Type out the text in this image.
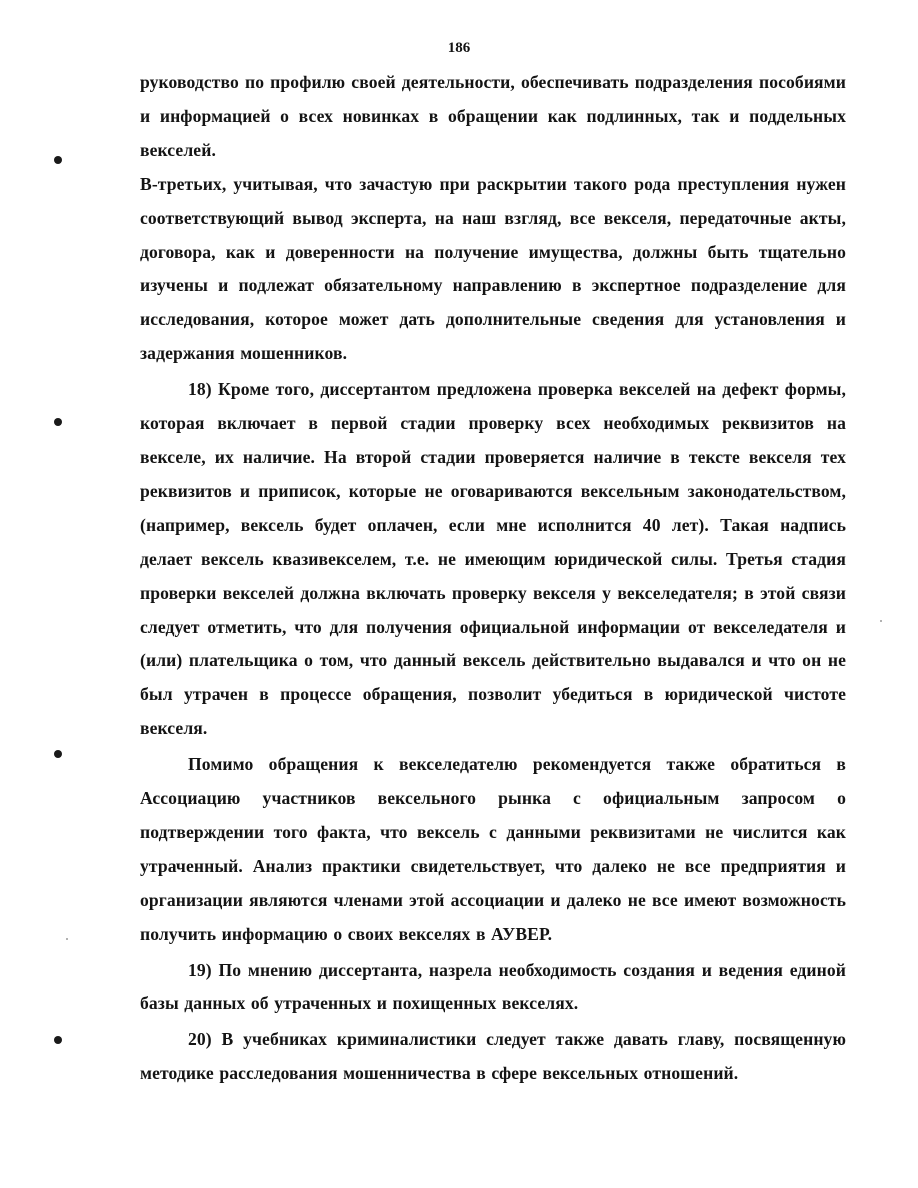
186

руководство по профилю своей деятельности, обеспечивать подразделения пособиями и информацией о всех новинках в обращении как подлинных, так и поддельных векселей.

В-третьих, учитывая, что зачастую при раскрытии такого рода преступления нужен соответствующий вывод эксперта, на наш взгляд, все векселя, передаточные акты, договора, как и доверенности на получение имущества, должны быть тщательно изучены и подлежат обязательному направлению в экспертное подразделение для исследования, которое может дать дополнительные сведения для установления и задержания мошенников.

18) Кроме того, диссертантом предложена проверка векселей на дефект формы, которая включает в первой стадии проверку всех необходимых реквизитов на векселе, их наличие. На второй стадии проверяется наличие в тексте векселя тех реквизитов и приписок, которые не оговариваются вексельным законодательством, (например, вексель будет оплачен, если мне исполнится 40 лет). Такая надпись делает вексель квазивекселем, т.е. не имеющим юридической силы. Третья стадия проверки векселей должна включать проверку векселя у векселедателя; в этой связи следует отметить, что для получения официальной информации от векселедателя и (или) плательщика о том, что данный вексель действительно выдавался и что он не был утрачен в процессе обращения, позволит убедиться в юридической чистоте векселя.

Помимо обращения к векселедателю рекомендуется также обратиться в Ассоциацию участников вексельного рынка с официальным запросом о подтверждении того факта, что вексель с данными реквизитами не числится как утраченный. Анализ практики свидетельствует, что далеко не все предприятия и организации являются членами этой ассоциации и далеко не все имеют возможность получить информацию о своих векселях в АУВЕР.

19) По мнению диссертанта, назрела необходимость создания и ведения единой базы данных об утраченных и похищенных векселях.

20) В учебниках криминалистики следует также давать главу, посвященную методике расследования мошенничества в сфере вексельных отношений.
